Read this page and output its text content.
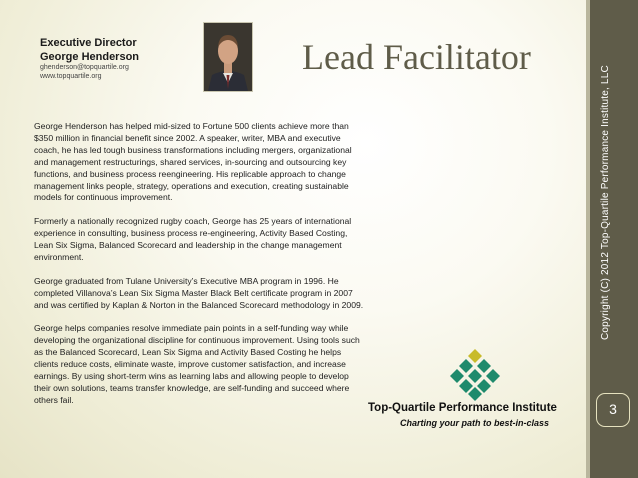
Executive Director
George Henderson
ghenderson@topquartile.org
www.topquartile.org	Lead Facilitator

George Henderson has helped mid-sized to Fortune 500 clients achieve more than $350 million in financial benefit since 2002. A speaker, writer, MBA and executive coach, he has led tough business transformations including mergers, organizational and management restructurings, shared services, in-sourcing and outsourcing key functions, and business process reengineering. His replicable approach to change management links people, strategy, operations and execution, creating sustainable models for continuous improvement.

Formerly a nationally recognized rugby coach, George has 25 years of international experience in consulting, business process re-engineering, Activity Based Costing, Lean Six Sigma, Balanced Scorecard and leadership in the change management environment.

George graduated from Tulane University’s Executive MBA program in 1996. He completed Villanova’s Lean Six Sigma Master Black Belt certificate program in 2007 and was certified by Kaplan & Norton in the Balanced Scorecard methodology in 2009.

George helps companies resolve immediate pain points in a self-funding way while developing the organizational discipline for continuous improvement. Using tools such as the Balanced Scorecard, Lean Six Sigma and Activity Based Costing he helps clients reduce costs, eliminate waste, improve customer satisfaction, and increase earnings. By using short-term wins as learning labs and allowing people to develop their own solutions, teams transfer knowledge, are self-funding and succeed where others fail.

Top-Quartile Performance Institute
Charting your path to best-in-class
Copyright (C) 2012 Top-Quartile Performance Institute, LLC
3
